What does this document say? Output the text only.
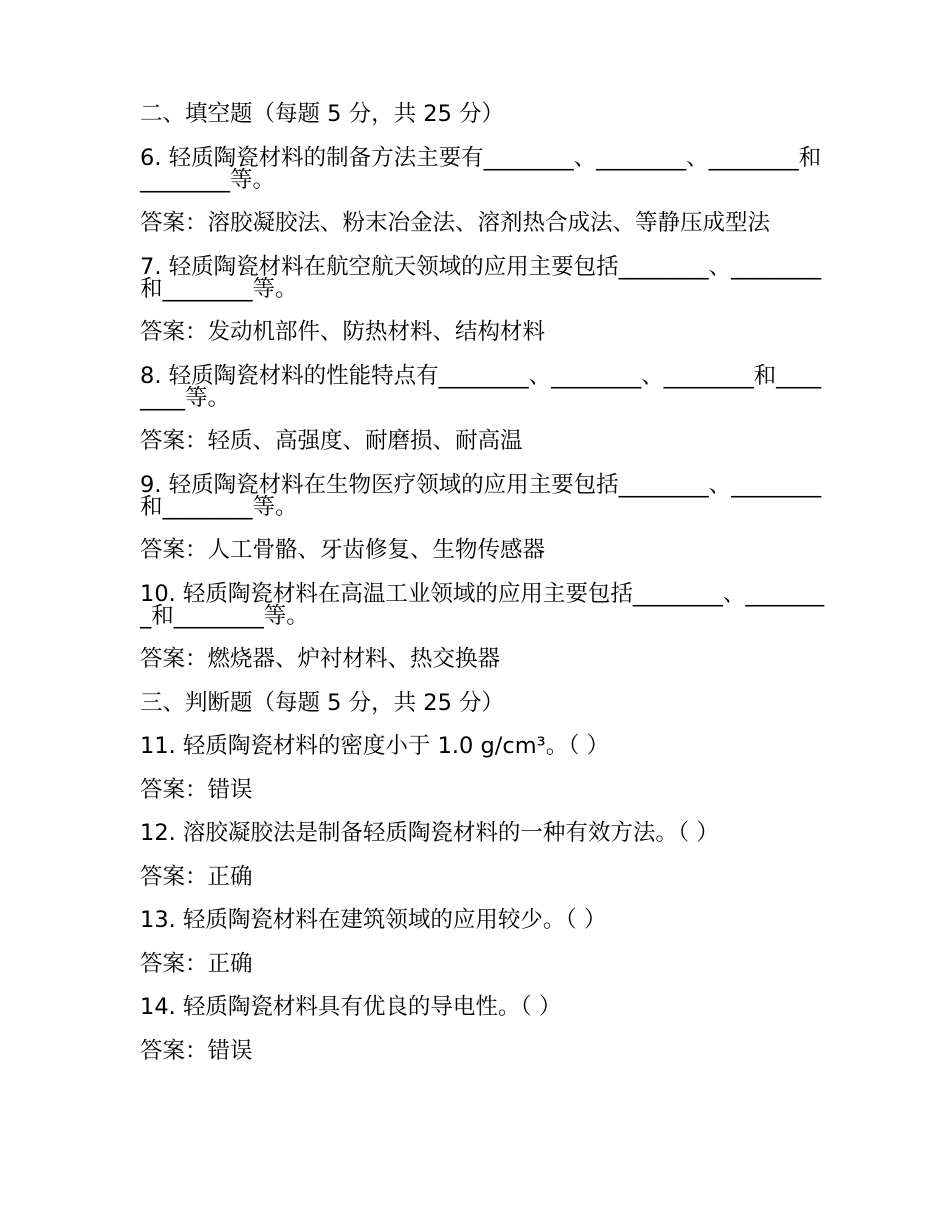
二、填空题（每题 5 分，共 25 分）
6. 轻质陶瓷材料的制备方法主要有________、________、________和________等。
答案：溶胶凝胶法、粉末冶金法、溶剂热合成法、等静压成型法
7. 轻质陶瓷材料在航空航天领域的应用主要包括________、________和________等。
答案：发动机部件、防热材料、结构材料
8. 轻质陶瓷材料的性能特点有________、________、________和________等。
答案：轻质、高强度、耐磨损、耐高温
9. 轻质陶瓷材料在生物医疗领域的应用主要包括________、________和________等。
答案：人工骨骼、牙齿修复、生物传感器
10. 轻质陶瓷材料在高温工业领域的应用主要包括________、________和________等。
答案：燃烧器、炉衬材料、热交换器
三、判断题（每题 5 分，共 25 分）
11. 轻质陶瓷材料的密度小于 1.0 g/cm³。（ ）
答案：错误
12. 溶胶凝胶法是制备轻质陶瓷材料的一种有效方法。（ ）
答案：正确
13. 轻质陶瓷材料在建筑领域的应用较少。（ ）
答案：正确
14. 轻质陶瓷材料具有优良的导电性。（ ）
答案：错误
